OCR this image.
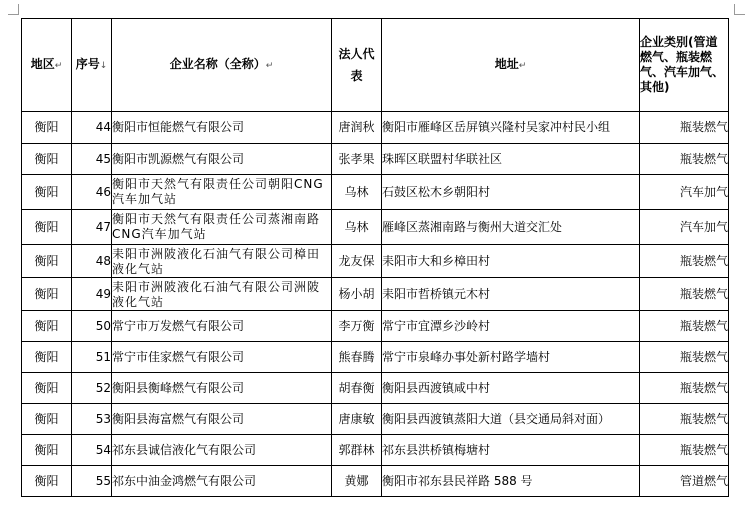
地区↵	序号↓	企业名称（全称）↵	法人代表	地址↵	企业类别(管道燃气、瓶装燃气、汽车加气、其他)
衡阳	44	衡阳市恒能燃气有限公司	唐润秋	衡阳市雁峰区岳屏镇兴隆村吴家冲村民小组	瓶装燃气
衡阳	45	衡阳市凯源燃气有限公司	张孝果	珠晖区联盟村华联社区	瓶装燃气
衡阳	46	衡阳市天然气有限责任公司朝阳CNG汽车加气站	乌林	石鼓区松木乡朝阳村	汽车加气
衡阳	47	衡阳市天然气有限责任公司蒸湘南路CNG汽车加气站	乌林	雁峰区蒸湘南路与衡州大道交汇处	汽车加气
衡阳	48	耒阳市洲陂液化石油气有限公司樟田液化气站	龙友保	耒阳市大和乡樟田村	瓶装燃气
衡阳	49	耒阳市洲陂液化石油气有限公司洲陂液化气站	杨小胡	耒阳市哲桥镇元木村	瓶装燃气
衡阳	50	常宁市万发燃气有限公司	李万衡	常宁市宜潭乡沙岭村	瓶装燃气
衡阳	51	常宁市佳家燃气有限公司	熊春腾	常宁市泉峰办事处新村路学墙村	瓶装燃气
衡阳	52	衡阳县衡峰燃气有限公司	胡春衡	衡阳县西渡镇咸中村	瓶装燃气
衡阳	53	衡阳县海富燃气有限公司	唐康敏	衡阳县西渡镇蒸阳大道（县交通局斜对面）	瓶装燃气
衡阳	54	祁东县诚信液化气有限公司	郭群林	祁东县洪桥镇梅塘村	瓶装燃气
衡阳	55	祁东中油金鸿燃气有限公司	黄娜	衡阳市祁东县民祥路 588 号	管道燃气
